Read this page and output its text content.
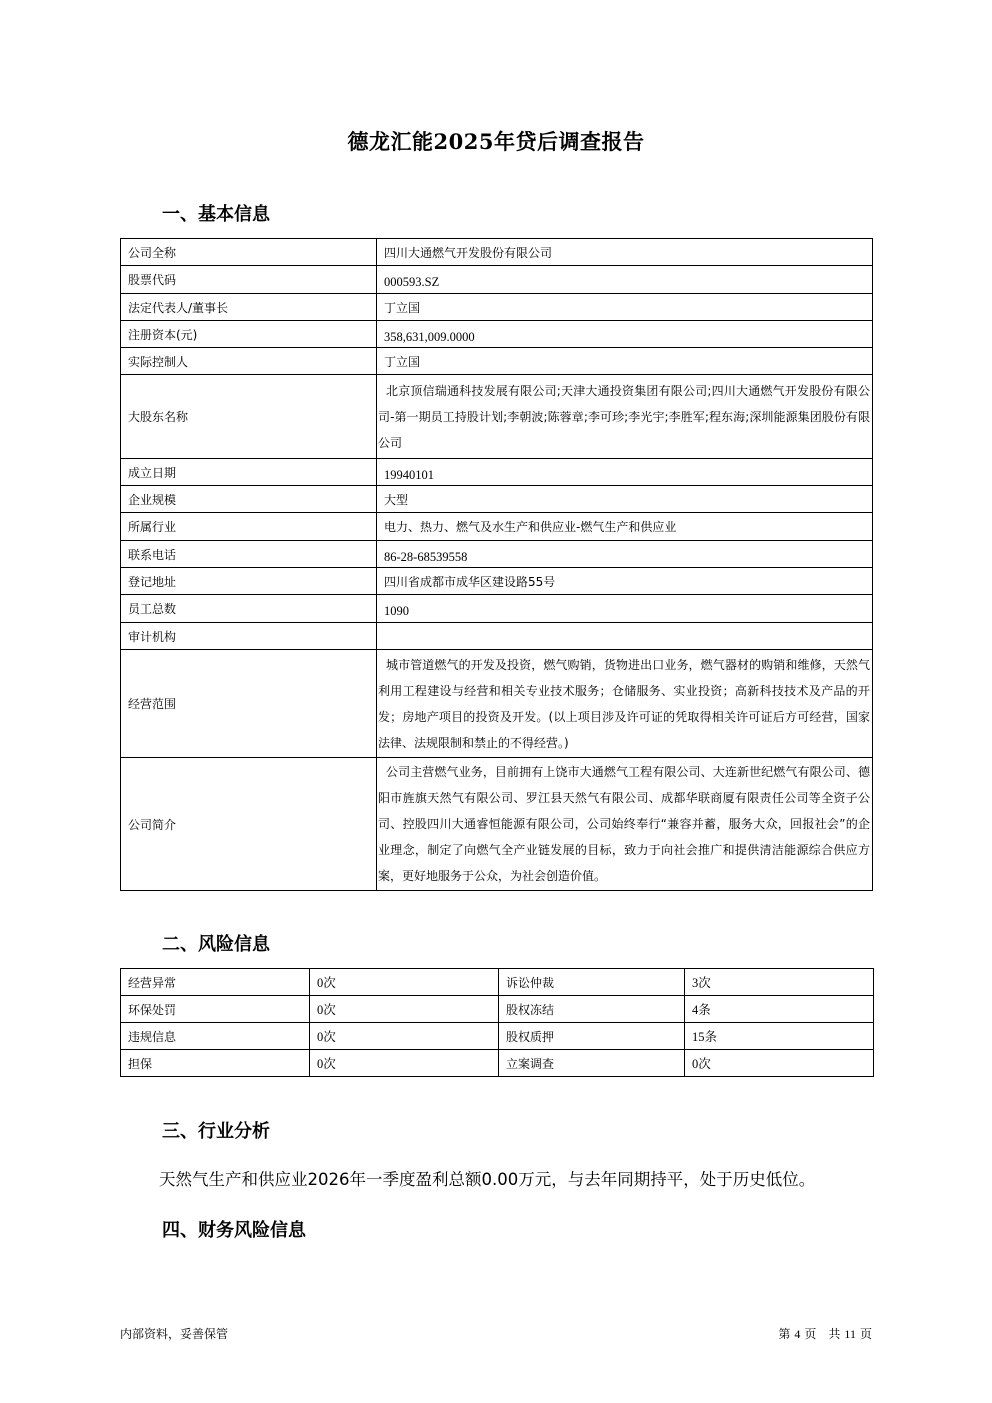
德龙汇能2025年贷后调查报告
一、基本信息
公司全称	四川大通燃气开发股份有限公司
股票代码	000593.SZ
法定代表人/董事长	丁立国
注册资本(元)	358,631,009.0000
实际控制人	丁立国
大股东名称	北京顶信瑞通科技发展有限公司;天津大通投资集团有限公司;四川大通燃气开发股份有限公司-第一期员工持股计划;李朝波;陈蓉章;李可珍;李光宇;李胜军;程东海;深圳能源集团股份有限公司
成立日期	19940101
企业规模	大型
所属行业	电力、热力、燃气及水生产和供应业-燃气生产和供应业
联系电话	86-28-68539558
登记地址	四川省成都市成华区建设路55号
员工总数	1090
审计机构	
经营范围	城市管道燃气的开发及投资，燃气购销，货物进出口业务，燃气器材的购销和维修，天然气利用工程建设与经营和相关专业技术服务；仓储服务、实业投资；高新科技技术及产品的开发；房地产项目的投资及开发。(以上项目涉及许可证的凭取得相关许可证后方可经营，国家法律、法规限制和禁止的不得经营。)
公司简介	公司主营燃气业务，目前拥有上饶市大通燃气工程有限公司、大连新世纪燃气有限公司、德阳市旌旗天然气有限公司、罗江县天然气有限公司、成都华联商厦有限责任公司等全资子公司、控股四川大通睿恒能源有限公司，公司始终奉行“兼容并蓄，服务大众，回报社会”的企业理念，制定了向燃气全产业链发展的目标，致力于向社会推广和提供清洁能源综合供应方案，更好地服务于公众，为社会创造价值。
二、风险信息
经营异常	0次	诉讼仲裁	3次
环保处罚	0次	股权冻结	4条
违规信息	0次	股权质押	15条
担保	0次	立案调查	0次
三、行业分析
天然气生产和供应业2026年一季度盈利总额0.00万元，与去年同期持平，处于历史低位。
四、财务风险信息
内部资料，妥善保管	第 4 页 共 11 页
